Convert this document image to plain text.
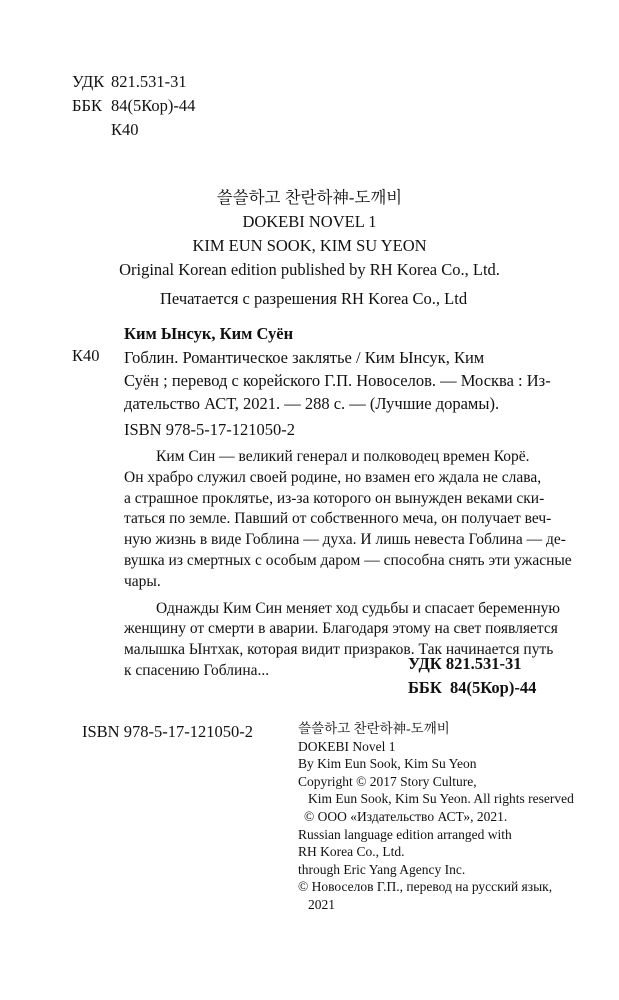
УДК 821.531-31
ББК 84(5Кор)-44
К40
쓸쓸하고 찬란하神-도깨비
DOKEBI NOVEL 1
KIM EUN SOOK, KIM SU YEON
Original Korean edition published by RH Korea Co., Ltd.
Печатается с разрешения RH Korea Co., Ltd
Ким Ынсук, Ким Суён
К40 Гоблин. Романтическое заклятье / Ким Ынсук, Ким
Суён ; перевод с корейского Г.П. Новоселов. — Москва : Из-
дательство АСТ, 2021. — 288 с. — (Лучшие дорамы).
ISBN 978-5-17-121050-2
Ким Син — великий генерал и полководец времен Корё.
Он храбро служил своей родине, но взамен его ждала не слава,
а страшное проклятье, из-за которого он вынужден веками ски-
таться по земле. Павший от собственного меча, он получает веч-
ную жизнь в виде Гоблина — духа. И лишь невеста Гоблина — де-
вушка из смертных с особым даром — способна снять эти ужасные
чары.
Однажды Ким Син меняет ход судьбы и спасает беременную
женщину от смерти в аварии. Благодаря этому на свет появляется
малышка Ынтхак, которая видит призраков. Так начинается путь
к спасению Гоблина...	УДК 821.531-31
ББК  84(5Кор)-44
ISBN 978-5-17-121050-2	쓸쓸하고 찬란하神-도깨비
DOKEBI Novel 1
By Kim Eun Sook, Kim Su Yeon
Copyright © 2017 Story Culture,
Kim Eun Sook, Kim Su Yeon. All rights reserved
© ООО «Издательство АСТ», 2021.
Russian language edition arranged with
RH Korea Co., Ltd.
through Eric Yang Agency Inc.
© Новоселов Г.П., перевод на русский язык,
2021
